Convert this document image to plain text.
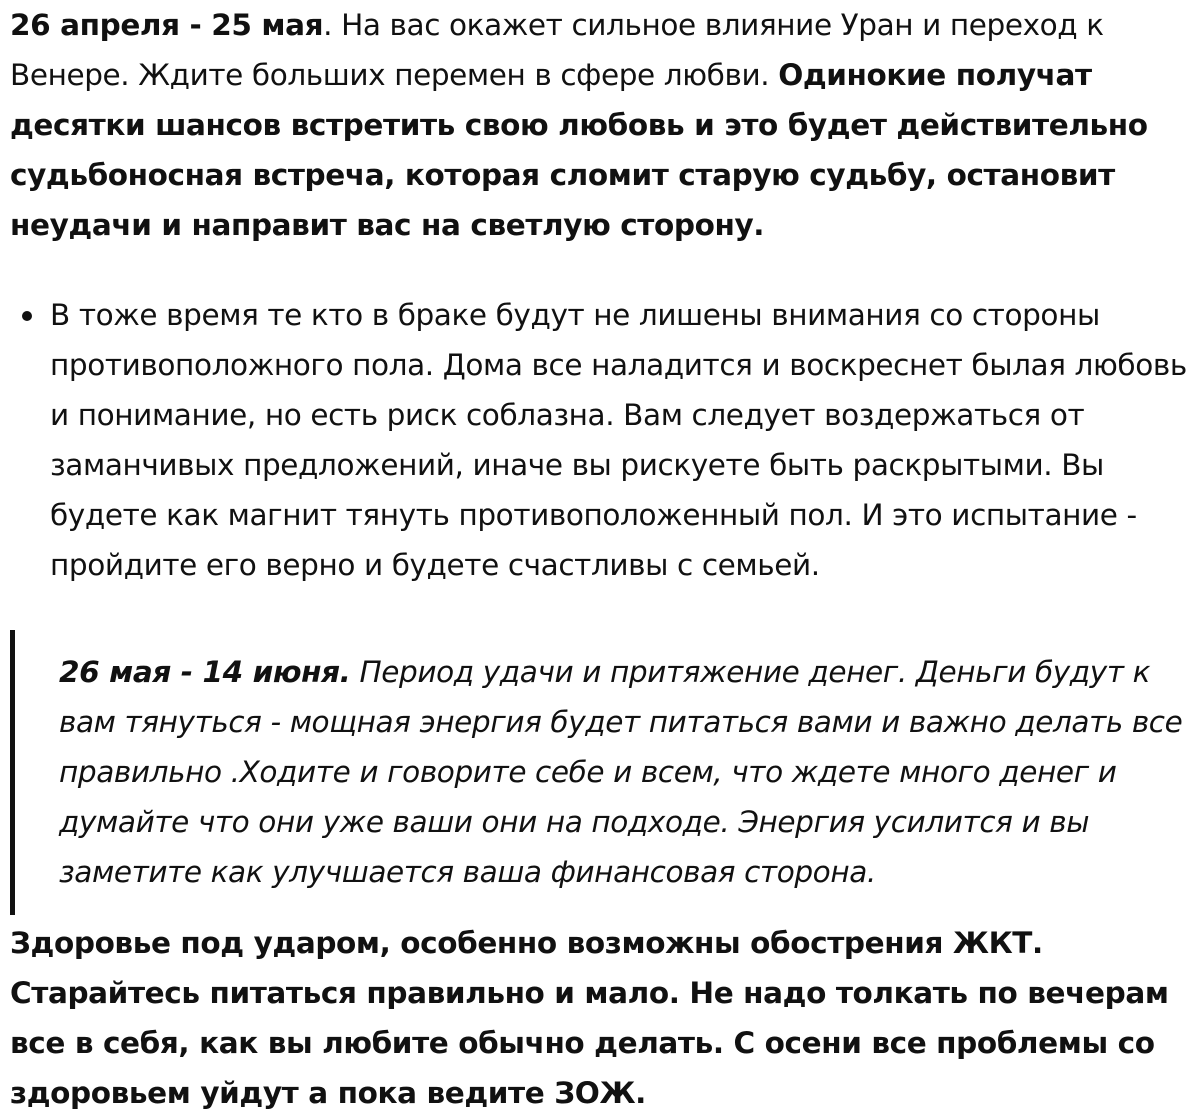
26 апреля - 25 мая. На вас окажет сильное влияние Уран и переход к Венере. Ждите больших перемен в сфере любви. Одинокие получат десятки шансов встретить свою любовь и это будет действительно судьбоносная встреча, которая сломит старую судьбу, остановит неудачи и направит вас на светлую сторону.

В тоже время те кто в браке будут не лишены внимания со стороны противоположного пола. Дома все наладится и воскреснет былая любовь и понимание, но есть риск соблазна. Вам следует воздержаться от заманчивых предложений, иначе вы рискуете быть раскрытыми. Вы будете как магнит тянуть противоположенный пол. И это испытание - пройдите его верно и будете счастливы с семьей.
26 мая - 14 июня. Период удачи и притяжение денег. Деньги будут к вам тянуться - мощная энергия будет питаться вами и важно делать все правильно .Ходите и говорите себе и всем, что ждете много денег и думайте что они уже ваши они на подходе. Энергия усилится и вы заметите как улучшается ваша финансовая сторона.

Здоровье под ударом, особенно возможны обострения ЖКТ. Старайтесь питаться правильно и мало. Не надо толкать по вечерам все в себя, как вы любите обычно делать. С осени все проблемы со здоровьем уйдут а пока ведите ЗОЖ.
